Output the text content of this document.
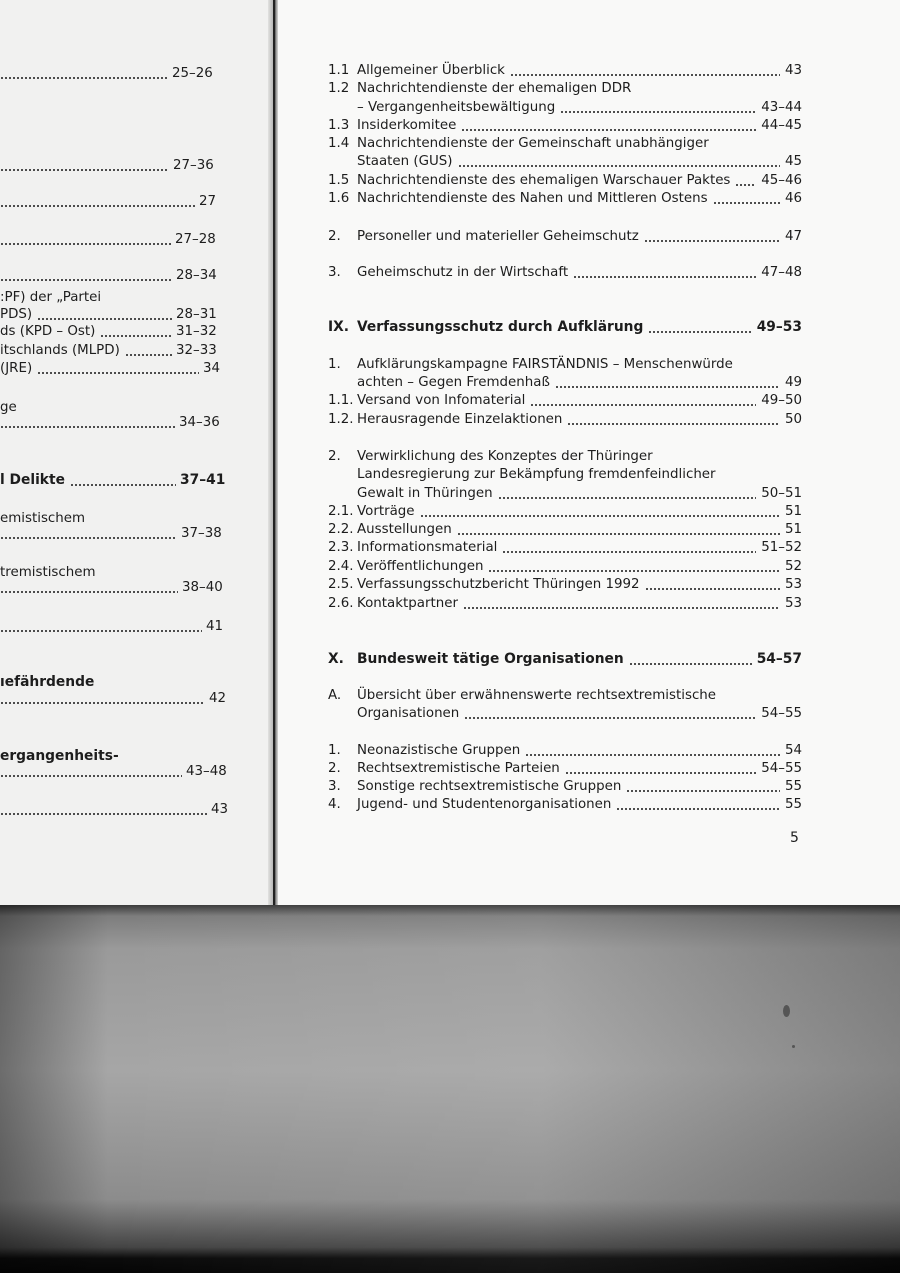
25–26
27–36
27
27–28
28–34
:PF) der „Partei
PDS)	28–31
ds (KPD – Ost)	31–32
itschlands (MLPD)	32–33
(JRE)	34
ge
34–36
l Delikte	37–41
emistischem
37–38
tremistischem
38–40
41
ıefährdende
42
ergangenheits-
43–48
43
1.1 Allgemeiner Überblick	43
1.2 Nachrichtendienste der ehemaligen DDR
– Vergangenheitsbewältigung	43–44
1.3 Insiderkomitee	44–45
1.4 Nachrichtendienste der Gemeinschaft unabhängiger
Staaten (GUS)	45
1.5 Nachrichtendienste des ehemaligen Warschauer Paktes 45–46
1.6 Nachrichtendienste des Nahen und Mittleren Ostens	46
2. Personeller und materieller Geheimschutz	47
3. Geheimschutz in der Wirtschaft	47–48
IX. Verfassungsschutz durch Aufklärung	49–53
1. Aufklärungskampagne FAIRSTÄNDNIS – Menschenwürde
achten – Gegen Fremdenhaß	49
1.1. Versand von Infomaterial	49–50
1.2. Herausragende Einzelaktionen	50
2. Verwirklichung des Konzeptes der Thüringer
Landesregierung zur Bekämpfung fremdenfeindlicher
Gewalt in Thüringen	50–51
2.1. Vorträge	51
2.2. Ausstellungen	51
2.3. Informationsmaterial	51–52
2.4. Veröffentlichungen	52
2.5. Verfassungsschutzbericht Thüringen 1992	53
2.6. Kontaktpartner	53
X. Bundesweit tätige Organisationen	54–57
A. Übersicht über erwähnenswerte rechtsextremistische
Organisationen	54–55
1. Neonazistische Gruppen	54
2. Rechtsextremistische Parteien	54–55
3. Sonstige rechtsextremistische Gruppen	55
4. Jugend- und Studentenorganisationen	55
5
